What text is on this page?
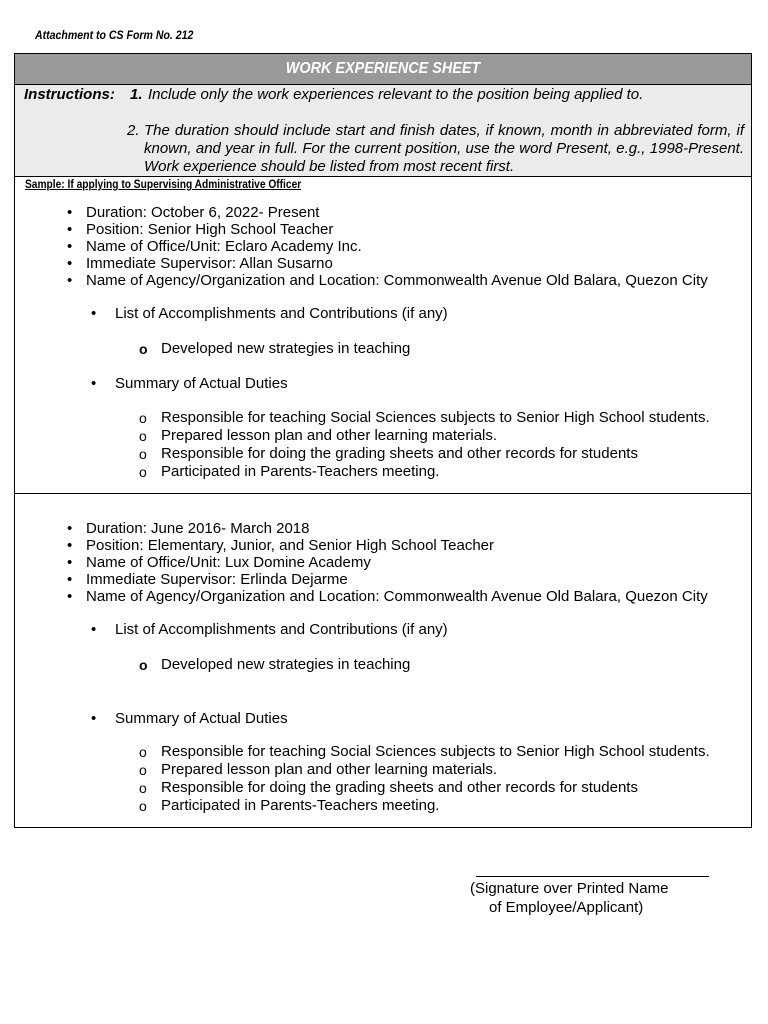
Attachment to CS Form No. 212
WORK EXPERIENCE SHEET
Instructions: 1. Include only the work experiences relevant to the position being applied to.
2. The duration should include start and finish dates, if known, month in abbreviated form, if known, and year in full. For the current position, use the word Present, e.g., 1998-Present. Work experience should be listed from most recent first.
Sample: If applying to Supervising Administrative Officer
• Duration: October 6, 2022- Present
• Position: Senior High School Teacher
• Name of Office/Unit: Eclaro Academy Inc.
• Immediate Supervisor: Allan Susarno
• Name of Agency/Organization and Location: Commonwealth Avenue Old Balara, Quezon City
• List of Accomplishments and Contributions (if any)
o Developed new strategies in teaching
• Summary of Actual Duties
o Responsible for teaching Social Sciences subjects to Senior High School students.
o Prepared lesson plan and other learning materials.
o Responsible for doing the grading sheets and other records for students
o Participated in Parents-Teachers meeting.
• Duration: June 2016- March 2018
• Position: Elementary, Junior, and Senior High School Teacher
• Name of Office/Unit: Lux Domine Academy
• Immediate Supervisor: Erlinda Dejarme
• Name of Agency/Organization and Location: Commonwealth Avenue Old Balara, Quezon City
• List of Accomplishments and Contributions (if any)
o Developed new strategies in teaching
• Summary of Actual Duties
o Responsible for teaching Social Sciences subjects to Senior High School students.
o Prepared lesson plan and other learning materials.
o Responsible for doing the grading sheets and other records for students
o Participated in Parents-Teachers meeting.
(Signature over Printed Name
of Employee/Applicant)
